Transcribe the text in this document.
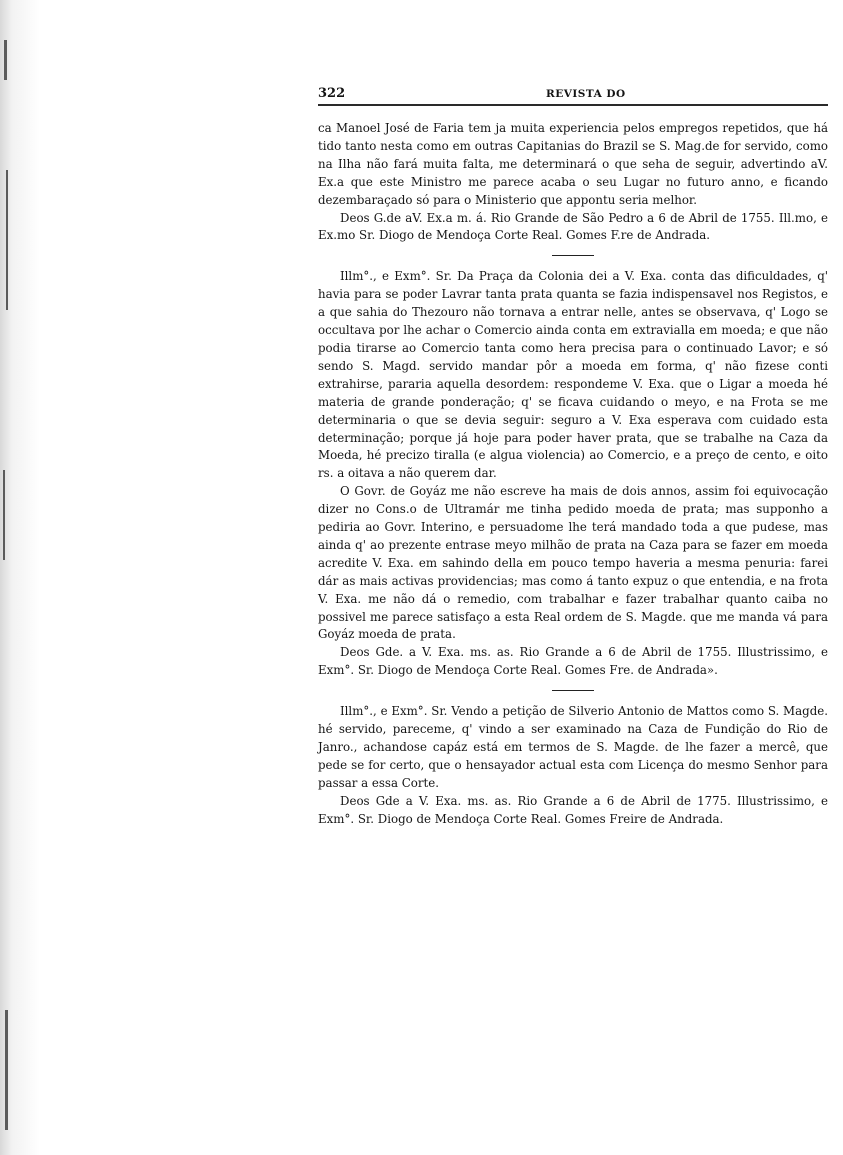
322	REVISTA DO

ca Manoel José de Faria tem ja muita experiencia pelos empregos repetidos, que há tido tanto nesta como em outras Capitanias do Brazil se S. Mag.de for servido, como na Ilha não fará muita falta, me determinará o que seha de seguir, advertindo aV. Ex.a que este Ministro me parece acaba o seu Lugar no futuro anno, e ficando dezembaraçado só para o Ministerio que appontu seria melhor.

Deos G.de aV. Ex.a m. á. Rio Grande de São Pedro a 6 de Abril de 1755. Ill.mo, e Ex.mo Sr. Diogo de Mendoça Corte Real. Gomes F.re de Andrada.

Illm°., e Exm°. Sr. Da Praça da Colonia dei a V. Exa. conta das dificuldades, q' havia para se poder Lavrar tanta prata quanta se fazia indispensavel nos Registos, e a que sahia do Thezouro não tornava a entrar nelle, antes se observava, q' Logo se occultava por lhe achar o Comercio ainda conta em extravialla em moeda; e que não podia tirarse ao Comercio tanta como hera precisa para o continuado Lavor; e só sendo S. Magd. servido mandar pôr a moeda em forma, q' não fizese conti extrahirse, pararia aquella desordem: respondeme V. Exa. que o Ligar a moeda hé materia de grande ponderação; q' se ficava cuidando o meyo, e na Frota se me determinaria o que se devia seguir: seguro a V. Exa esperava com cuidado esta determinação; porque já hoje para poder haver prata, que se trabalhe na Caza da Moeda, hé precizo tiralla (e algua violencia) ao Comercio, e a preço de cento, e oito rs. a oitava a não querem dar.

O Govr. de Goyáz me não escreve ha mais de dois annos, assim foi equivocação dizer no Cons.o de Ultramár me tinha pedido moeda de prata; mas supponho a pediria ao Govr. Interino, e persuadome lhe terá mandado toda a que pudese, mas ainda q' ao prezente entrase meyo milhão de prata na Caza para se fazer em moeda acredite V. Exa. em sahindo della em pouco tempo haveria a mesma penuria: farei dár as mais activas providencias; mas como á tanto expuz o que entendia, e na frota V. Exa. me não dá o remedio, com trabalhar e fazer trabalhar quanto caiba no possivel me parece satisfaço a esta Real ordem de S. Magde. que me manda vá para Goyáz moeda de prata.

Deos Gde. a V. Exa. ms. as. Rio Grande a 6 de Abril de 1755. Illustrissimo, e Exm°. Sr. Diogo de Mendoça Corte Real. Gomes Fre. de Andrada».

Illm°., e Exm°. Sr. Vendo a petição de Silverio Antonio de Mattos como S. Magde. hé servido, pareceme, q' vindo a ser examinado na Caza de Fundição do Rio de Janro., achandose capáz está em termos de S. Magde. de lhe fazer a mercê, que pede se for certo, que o hensayador actual esta com Licença do mesmo Senhor para passar a essa Corte.

Deos Gde a V. Exa. ms. as. Rio Grande a 6 de Abril de 1775. Illustrissimo, e Exm°. Sr. Diogo de Mendoça Corte Real. Gomes Freire de Andrada.
